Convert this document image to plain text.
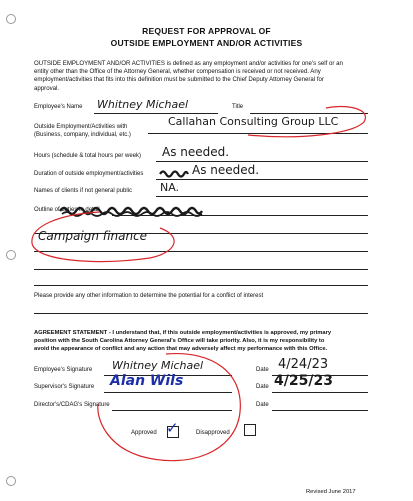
REQUEST FOR APPROVAL OF
OUTSIDE EMPLOYMENT AND/OR ACTIVITIES
OUTSIDE EMPLOYMENT AND/OR ACTIVITIES is defined as any employment and/or activities for one's self or an
entity other than the Office of the Attorney General, whether compensation is received or not received. Any
employment/activities that fits into this definition must be submitted to the Chief Deputy Attorney General for
approval.
Employee's Name Whitney Michael	Title
Outside Employment/Activities with
(Business, company, individual, etc.)
Callahan Consulting Group LLC
Hours (schedule & total hours per week) As needed.
Duration of outside employment/activities	As needed.
Names of clients if not general public	NA.
Outline of duties in detail
Campaign finance
Please provide any other information to determine the potential for a conflict of interest
AGREEMENT STATEMENT - I understand that, if this outside employment/activities is approved, my primary
position with the South Carolina Attorney General's Office will take priority. Also, it is my responsibility to
avoid the appearance of conflict and any action that may adversely affect my performance with this Office.
Employee's Signature Whitney Michael	Date 4/24/23
Supervisor's Signature Alan Wils	Date 4/25/23
Director's/CDAG's Signature	Date
Approved ✓	Disapproved
Revised June 2017
